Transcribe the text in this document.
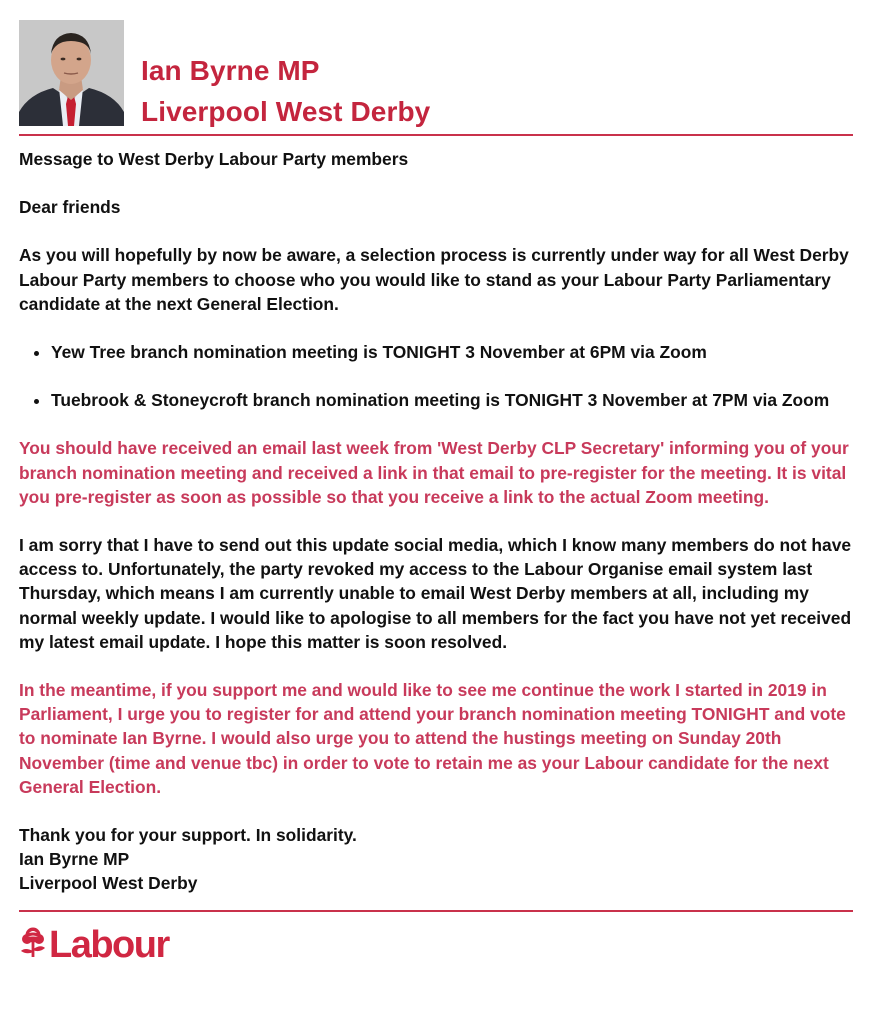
Ian Byrne MP
Liverpool West Derby

Message to West Derby Labour Party members

Dear friends

As you will hopefully by now be aware, a selection process is currently under way for all West Derby Labour Party members to choose who you would like to stand as your Labour Party Parliamentary candidate at the next General Election.

• Yew Tree branch nomination meeting is TONIGHT 3 November at 6PM via Zoom
• Tuebrook & Stoneycroft branch nomination meeting is TONIGHT 3 November at 7PM via Zoom

You should have received an email last week from 'West Derby CLP Secretary' informing you of your branch nomination meeting and received a link in that email to pre-register for the meeting. It is vital you pre-register as soon as possible so that you receive a link to the actual Zoom meeting.

I am sorry that I have to send out this update social media, which I know many members do not have access to. Unfortunately, the party revoked my access to the Labour Organise email system last Thursday, which means I am currently unable to email West Derby members at all, including my normal weekly update. I would like to apologise to all members for the fact you have not yet received my latest email update. I hope this matter is soon resolved.

In the meantime, if you support me and would like to see me continue the work I started in 2019 in Parliament, I urge you to register for and attend your branch nomination meeting TONIGHT and vote to nominate Ian Byrne. I would also urge you to attend the hustings meeting on Sunday 20th November (time and venue tbc) in order to vote to retain me as your Labour candidate for the next General Election.

Thank you for your support. In solidarity.
Ian Byrne MP
Liverpool West Derby
Labour
